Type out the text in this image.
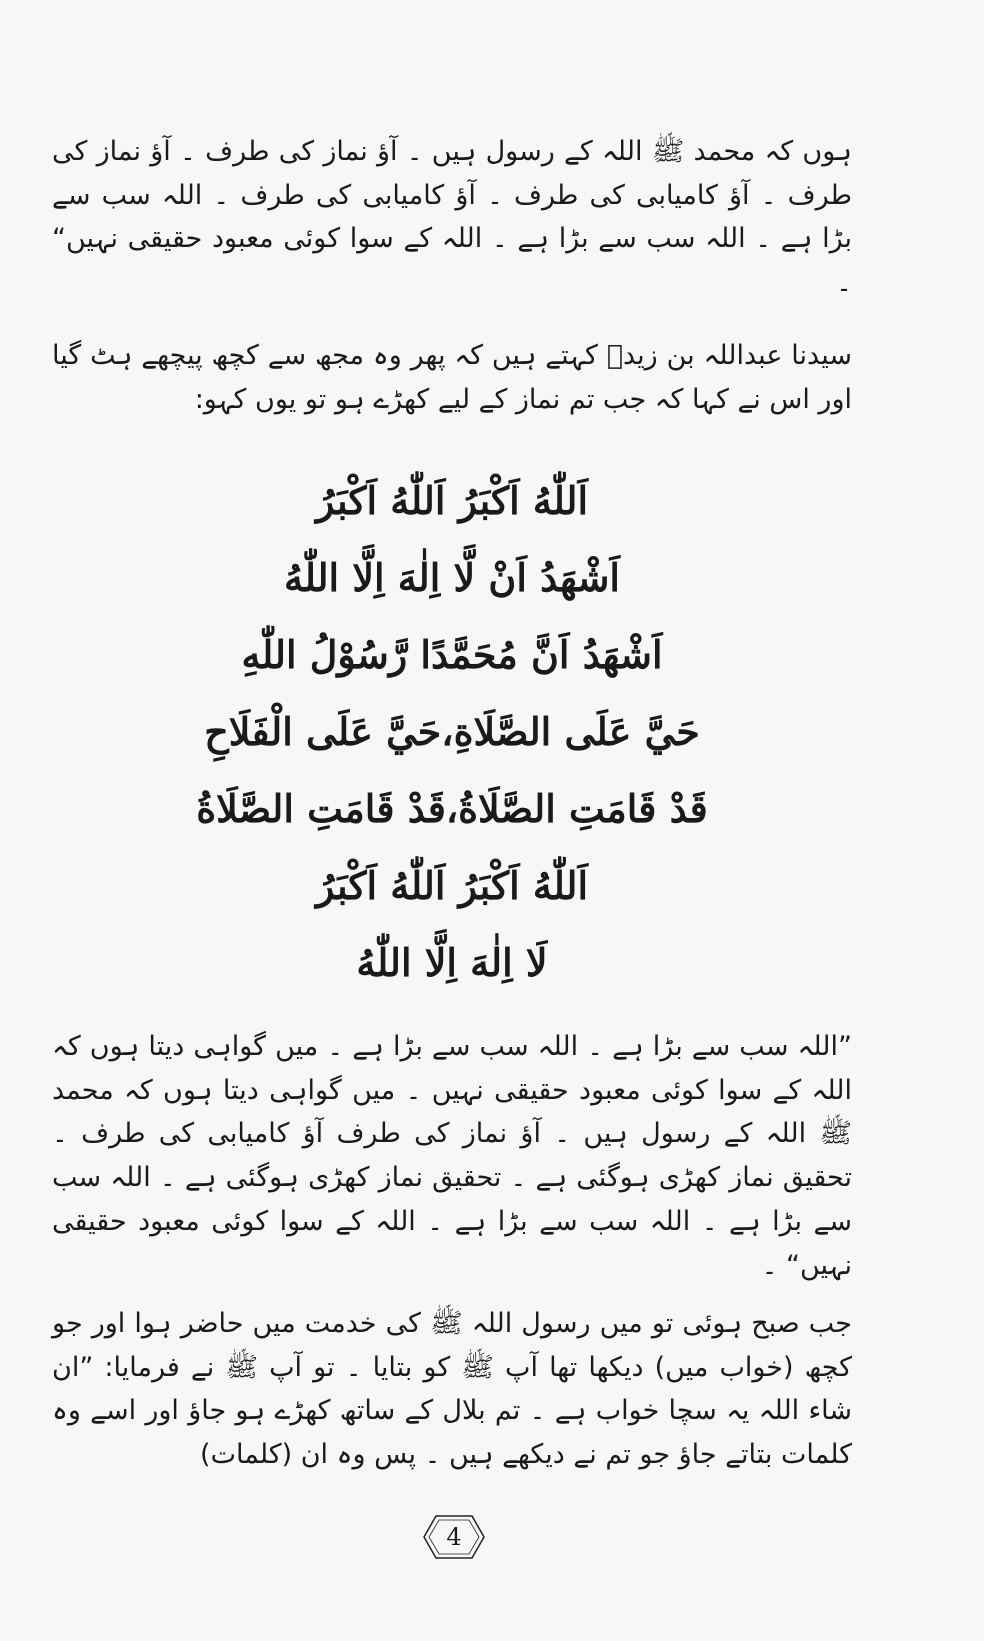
ہوں کہ محمد ﷺ اللہ کے رسول ہیں ۔ آؤ نماز کی طرف ۔ آؤ نماز کی طرف ۔ آؤ کامیابی کی طرف ۔ آؤ کامیابی کی طرف ۔ اللہ سب سے بڑا ہے ۔ اللہ سب سے بڑا ہے ۔ اللہ کے سوا کوئی معبود حقیقی نہیں“ ۔

سیدنا عبداللہ بن زیدؓ کہتے ہیں کہ پھر وہ مجھ سے کچھ پیچھے ہٹ گیا اور اس نے کہا کہ جب تم نماز کے لیے کھڑے ہو تو یوں کہو:

اَللّٰهُ اَكْبَرُ اَللّٰهُ اَكْبَرُ
اَشْهَدُ اَنْ لَّا اِلٰهَ اِلَّا اللّٰهُ
اَشْهَدُ اَنَّ مُحَمَّدًا رَّسُوْلُ اللّٰهِ
حَيَّ عَلَى الصَّلَاةِ،حَيَّ عَلَى الْفَلَاحِ
قَدْ قَامَتِ الصَّلَاةُ،قَدْ قَامَتِ الصَّلَاةُ
اَللّٰهُ اَكْبَرُ اَللّٰهُ اَكْبَرُ
لَا اِلٰهَ اِلَّا اللّٰهُ

”اللہ سب سے بڑا ہے ۔ اللہ سب سے بڑا ہے ۔ میں گواہی دیتا ہوں کہ اللہ کے سوا کوئی معبود حقیقی نہیں ۔ میں گواہی دیتا ہوں کہ محمد ﷺ اللہ کے رسول ہیں ۔ آؤ نماز کی طرف آؤ کامیابی کی طرف ۔ تحقیق نماز کھڑی ہوگئی ہے ۔ تحقیق نماز کھڑی ہوگئی ہے ۔ اللہ سب سے بڑا ہے ۔ اللہ سب سے بڑا ہے ۔ اللہ کے سوا کوئی معبود حقیقی نہیں“ ۔

جب صبح ہوئی تو میں رسول اللہ ﷺ کی خدمت میں حاضر ہوا اور جو کچھ (خواب میں) دیکھا تھا آپ ﷺ کو بتایا ۔ تو آپ ﷺ نے فرمایا: ”ان شاء اللہ یہ سچا خواب ہے ۔ تم بلال کے ساتھ کھڑے ہو جاؤ اور اسے وہ کلمات بتاتے جاؤ جو تم نے دیکھے ہیں ۔ پس وہ ان (کلمات)

4
